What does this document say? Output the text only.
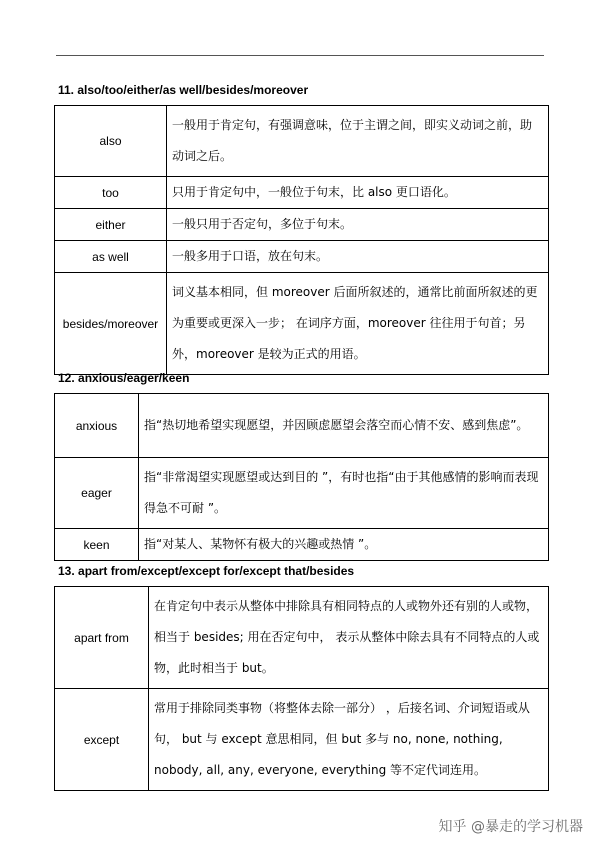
11. also/too/either/as well/besides/moreover
also	一般用于肯定句，有强调意味，位于主谓之间，即实义动词之前，助动词之后。
too	只用于肯定句中，一般位于句末，比 also 更口语化。
either	一般只用于否定句，多位于句末。
as well	一般多用于口语，放在句末。
besides/moreover	词义基本相同，但 moreover 后面所叙述的，通常比前面所叙述的更为重要或更深入一步； 在词序方面，moreover 往往用于句首；另外，moreover 是较为正式的用语。
12. anxious/eager/keen
anxious	指“热切地希望实现愿望，并因顾虑愿望会落空而心情不安、感到焦虑”。
eager	指“非常渴望实现愿望或达到目的 ”，有时也指“由于其他感情的影响而表现得急不可耐 ”。
keen	指“对某人、某物怀有极大的兴趣或热情 ”。
13. apart from/except/except for/except that/besides
apart from	在肯定句中表示从整体中排除具有相同特点的人或物外还有别的人或物，相当于 besides; 用在否定句中， 表示从整体中除去具有不同特点的人或物，此时相当于 but。
except	常用于排除同类事物（将整体去除一部分） ，后接名词、介词短语或从句， but 与 except 意思相同，但 but 多与 no, none, nothing, nobody, all, any, everyone, everything 等不定代词连用。
知乎 @暴走的学习机器
